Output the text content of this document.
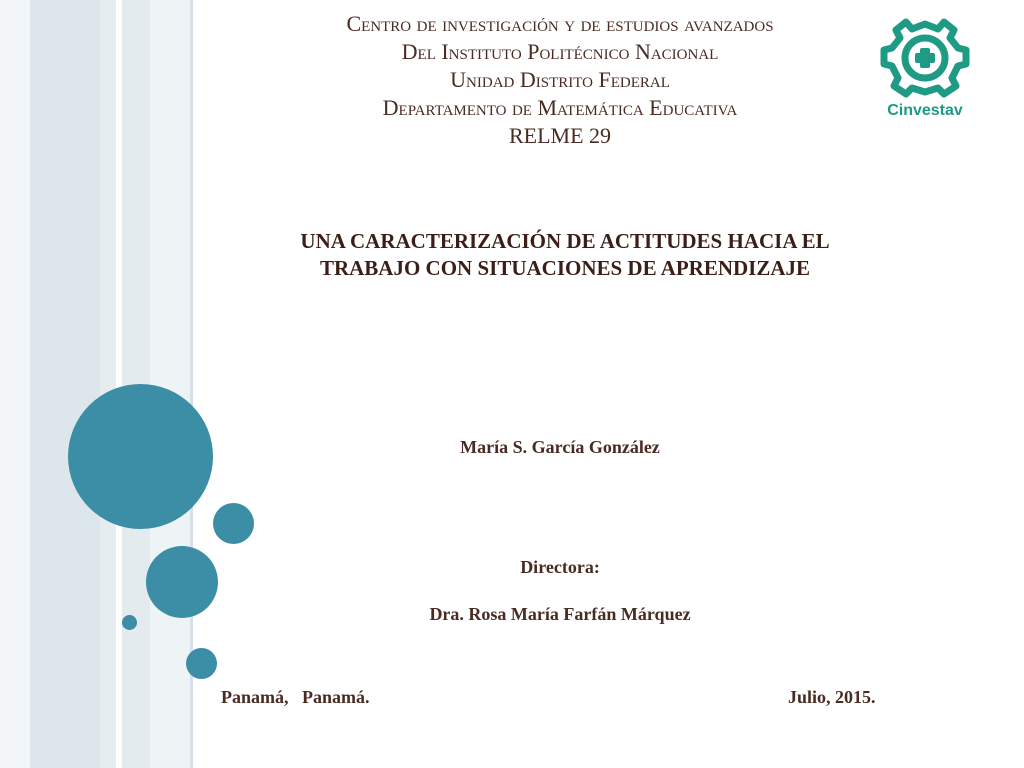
Centro de investigación y de estudios avanzados
Del Instituto Politécnico Nacional
Unidad Distrito Federal
Departamento de Matemática Educativa
RELME 29
Cinvestav
UNA CARACTERIZACIÓN DE ACTITUDES HACIA EL
TRABAJO CON SITUACIONES DE APRENDIZAJE
María S. García González
Directora:
Dra. Rosa María Farfán Márquez
Panamá,   Panamá.	Julio, 2015.
